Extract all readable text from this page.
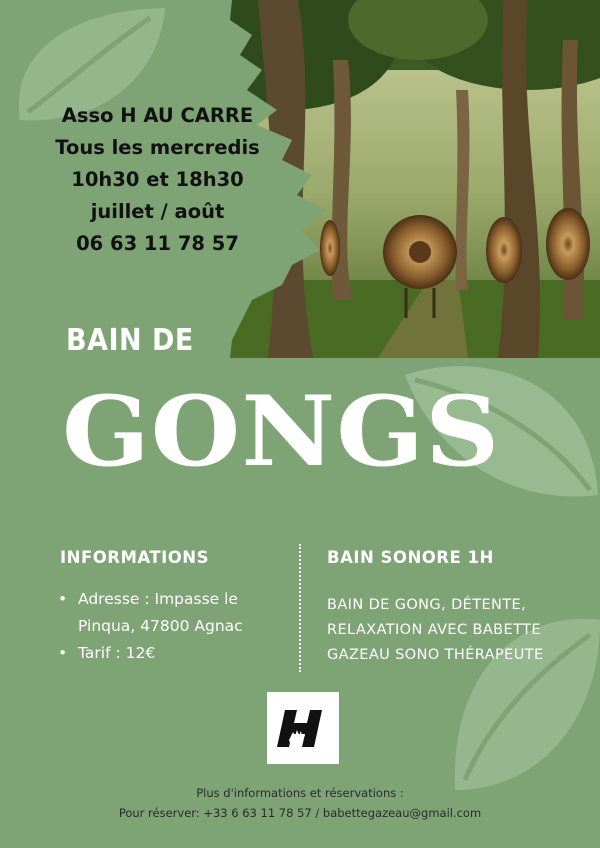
Asso H AU CARRE
Tous les mercredis
10h30 et 18h30
juillet / août
06 63 11 78 57
BAIN DE
GONGS
INFORMATIONS
• Adresse : Impasse le Pinqua, 47800 Agnac
• Tarif : 12€
BAIN SONORE 1H
BAIN DE GONG, DÉTENTE, RELAXATION AVEC BABETTE GAZEAU SONO THÉRAPEUTE
Plus d'informations et réservations :
Pour réserver: +33 6 63 11 78 57 / babettegazeau@gmail.com
